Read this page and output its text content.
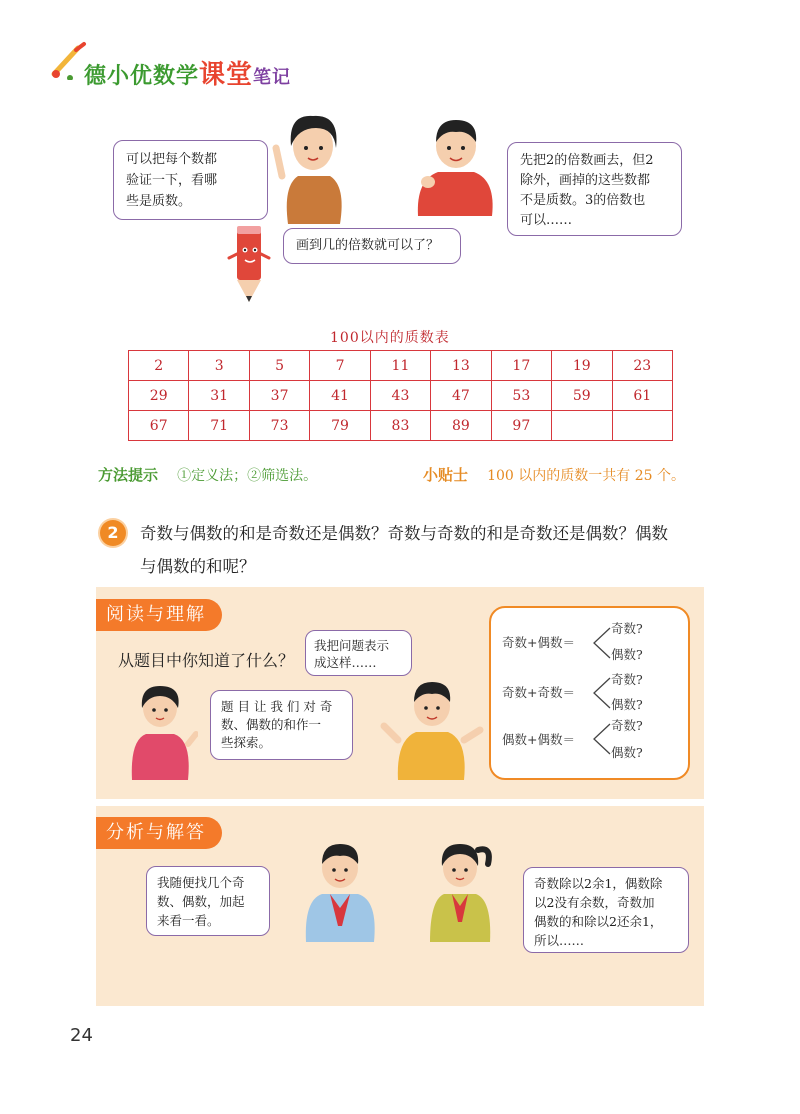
德小优数学课堂笔记
可以把每个数都
验证一下，看哪
些是质数。
先把2的倍数画去，但2
除外，画掉的这些数都
不是质数。3的倍数也
可以……
画到几的倍数就可以了？
100以内的质数表
2	3	5	7	11	13	17	19	23
29	31	37	41	43	47	53	59	61
67	71	73	79	83	89	97		
方法提示 ①定义法；②筛选法。	小贴士 100 以内的质数一共有 25 个。
2	奇数与偶数的和是奇数还是偶数？奇数与奇数的和是奇数还是偶数？偶数
与偶数的和呢？
阅读与理解
从题目中你知道了什么？
我把问题表示
成这样……
题 目 让 我 们 对 奇
数、偶数的和作一
些探索。
奇数+偶数＝
奇数?
偶数?
奇数+奇数＝
奇数?
偶数?
偶数+偶数＝
奇数?
偶数?
分析与解答
我随便找几个奇
数、偶数，加起
来看一看。
奇数除以2余1，偶数除
以2没有余数，奇数加
偶数的和除以2还余1，
所以……
24
